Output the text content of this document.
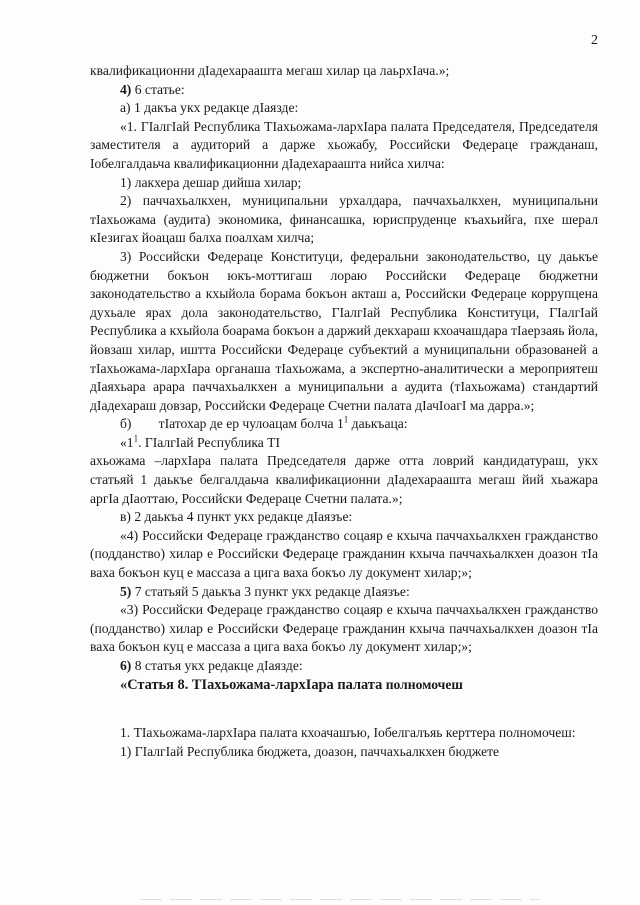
2

квалификационни дІадехараашта мегаш хилар ца лаьрхІача.»;

4) 6 статье:

а) 1 дакъа укх редакце дІаязде:

«1. ГІалгІай Республика ТІахьожама-лархІара палата Председателя, Председателя заместителя а аудиторий а дарже хьожабу, Российски Федераце гражданаш, Іобелгалдаьча квалификационни дІадехараашта нийса хилча:

1) лакхера дешар дийша хилар;

2) паччахьалкхен, муниципальни урхалдара, паччахьалкхен, муниципальни тІахьожама (аудита) экономика, финансашка, юриспруденце къахьийга, пхе шерал кІезигах йоацаш балха поалхам хилча;

3) Российски Федераце Конституци, федеральни законодательство, цу даькъе бюджетни бокъон юкъ-моттигаш лораю Российски Федераце бюджетни законодательство а кхыйола борама бокъон акташ а, Российски Федераце коррупцена духьале ярах дола законодательство, ГІалгІай Республика Конституци, ГІалгІай Республика а кхыйола боарама бокъон а даржий декхараш кхоачашдара тІаерзаяь йола, йовзаш хилар, иштта Российски Федераце субъектий а муниципальни образованей а тІахьожама-лархІара органаша тІахьожама, а экспертно-аналитически а мероприятеш дІаяхьара арара паччахьалкхен а муниципальни а аудита (тІахьожама) стандартий дІадехараш довзар, Российски Федераце Счетни палата дІачІоагІ ма дарра.»;

б) тІатохар де ер чулоацам болча $1^1$ даькъаца:

«$1^1$. ГІалгІай Республика ТІ

ахьожама –лархІара палата Председателя дарже отта ловрий кандидатураш, укх статьяй 1 даькъе белгалдаьча квалификационни дІадехараашта мегаш йий хьажара аргІа дІаоттаю, Российски Федераце Счетни палата.»;

в) 2 даькъа 4 пункт укх редакце дІаязъе:

«4) Российски Федераце гражданство соцаяр е кхыча паччахьалкхен гражданство (подданство) хилар е Российски Федераце гражданин кхыча паччахьалкхен доазон тІа ваха бокъон куц е массаза а цига ваха бокъо лу документ хилар;»;

5) 7 статьяй 5 даькъа 3 пункт укх редакце дІаязъе:

«3) Российски Федераце гражданство соцаяр е кхыча паччахьалкхен гражданство (подданство) хилар е Российски Федераце гражданин кхыча паччахьалкхен доазон тІа ваха бокъон куц е массаза а цига ваха бокъо лу документ хилар;»;

6) 8 статья укх редакце дІаязде:

«Статья 8. ТІахьожама-лархІара палата полномочеш

1. ТІахьожама-лархІара палата кхоачашъю, Іобелгалъяь керттера полномочеш:

1) ГІалгІай Республика бюджета, доазон, паччахьалкхен бюджете
